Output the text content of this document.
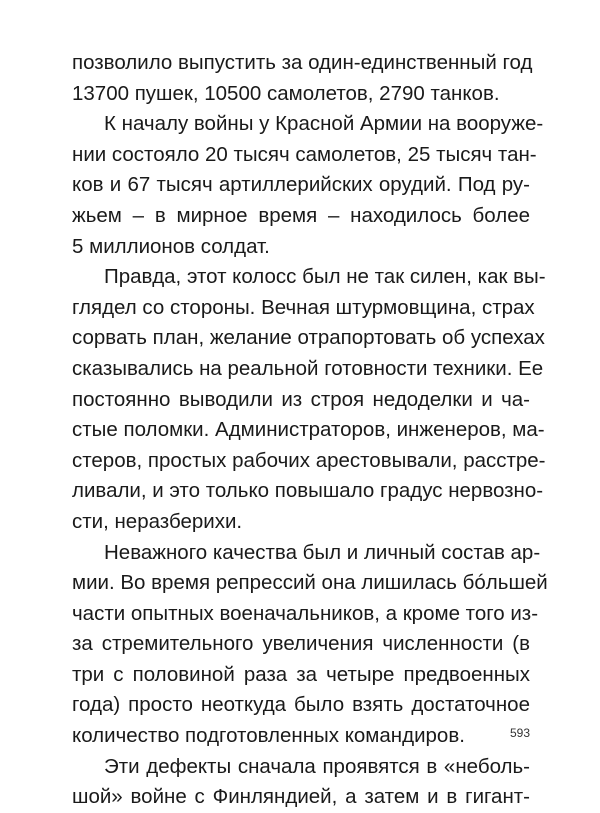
позволило выпустить за один-единственный год
13700 пушек, 10500 самолетов, 2790 танков.
К началу войны у Красной Армии на вооруже-
нии состояло 20 тысяч самолетов, 25 тысяч тан-
ков и 67 тысяч артиллерийских орудий. Под ру-
жьем – в мирное время – находилось более
5 миллионов солдат.
Правда, этот колосс был не так силен, как вы-
глядел со стороны. Вечная штурмовщина, страх
сорвать план, желание отрапортовать об успехах
сказывались на реальной готовности техники. Ее
постоянно выводили из строя недоделки и ча-
стые поломки. Администраторов, инженеров, ма-
стеров, простых рабочих арестовывали, расстре-
ливали, и это только повышало градус нервозно-
сти, неразберихи.
Неважного качества был и личный состав ар-
мии. Во время репрессий она лишилась бóльшей
части опытных военачальников, а кроме того из-
за стремительного увеличения численности (в
три с половиной раза за четыре предвоенных
года) просто неоткуда было взять достаточное
количество подготовленных командиров.
Эти дефекты сначала проявятся в «неболь-
шой» войне с Финляндией, а затем и в гигант-
593
